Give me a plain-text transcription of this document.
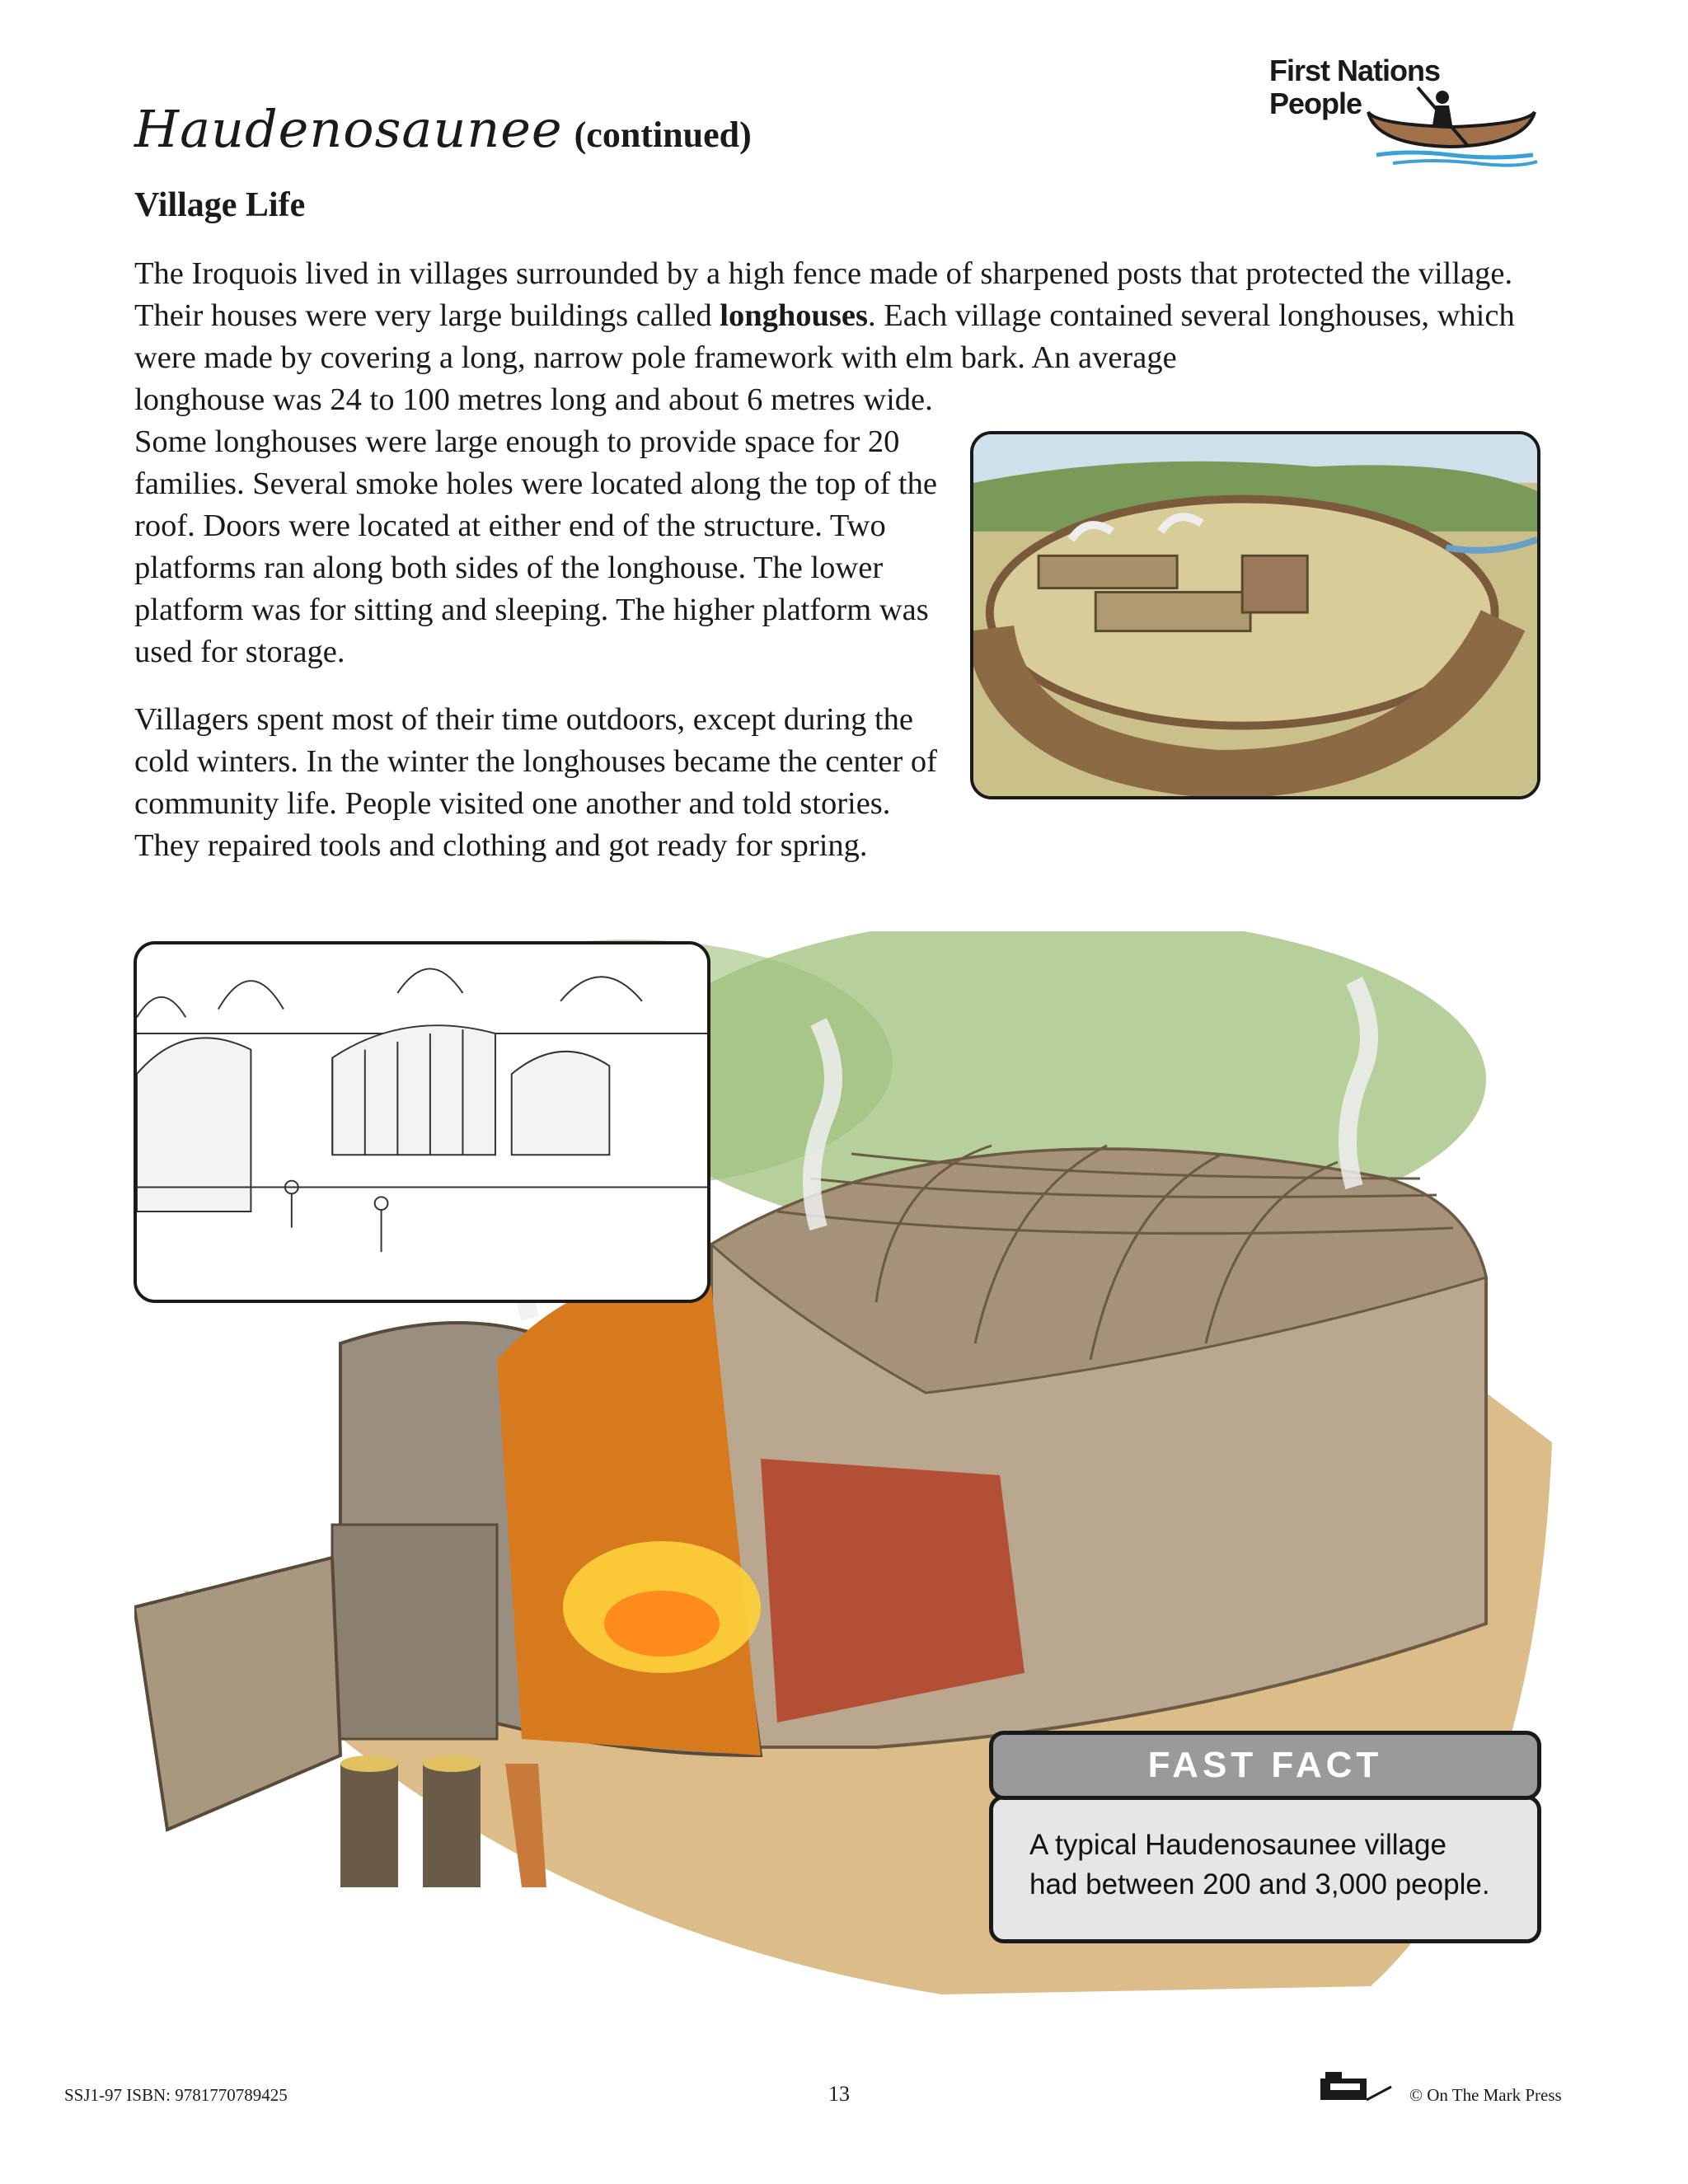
Haudenosaunee (continued)
First Nations
People
Village Life

The Iroquois lived in villages surrounded by a high fence made of sharpened posts that protected the village. Their houses were very large buildings called longhouses. Each village contained several longhouses, which were made by covering a long, narrow pole framework with elm bark. An average

longhouse was 24 to 100 metres long and about 6 metres wide. Some longhouses were large enough to provide space for 20 families. Several smoke holes were located along the top of the roof. Doors were located at either end of the structure. Two platforms ran along both sides of the longhouse. The lower platform was for sitting and sleeping. The higher platform was used for storage.

Villagers spent most of their time outdoors, except during the cold winters. In the winter the longhouses became the center of community life. People visited one another and told stories. They repaired tools and clothing and got ready for spring.

A typical Haudenosaunee village
had between 200 and 3,000 people.
FAST FACT
SSJ1-97 ISBN: 9781770789425	13	© On The Mark Press
